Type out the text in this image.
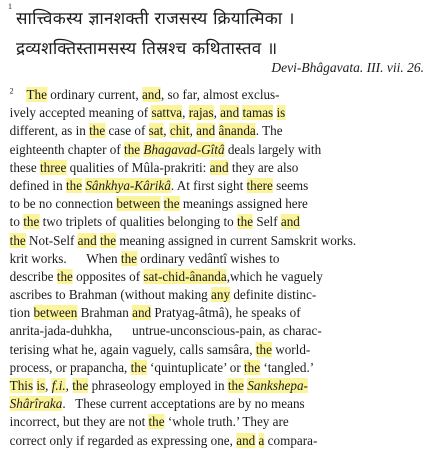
1
सात्त्विकस्य ज्ञानशक्ती राजसस्य क्रियात्मिका ।
द्रव्यशक्तिस्तामसस्य तिस्रश्च कथितास्तव ॥
Devi-Bhâgavata. III. vii. 26.
$^2$ The ordinary current, and, so far, almost exclus-
ively accepted meaning of sattva, rajas, and tamas is
different, as in the case of sat, chit, and ânanda. The
eighteenth chapter of the Bhagavad-Gîtâ deals largely with
these three qualities of Mûla-prakriti: and they are also
defined in the Sânkhya-Kârikâ. At first sight there seems
to be no connection between the meanings assigned here
to the two triplets of qualities belonging to the Self and
the Not-Self and the meaning assigned in current Samskrit works.
krit works.      When the ordinary vedântî wishes to
describe the opposites of sat-chid-ânanda,which he vaguely
ascribes to Brahman (without making any definite distinc-
tion between Brahman and Pratyag-âtmâ), he speaks of
anrita-jada-duhkha,      untrue-unconscious-pain, as charac-
terising what he, again vaguely, calls samsâra, the world-
process, or prapancha, the ‘quintuplicate’ or the ‘tangled.’
This is, f.i., the phraseology employed in the Sankshepa-
Shârîraka.   These current acceptations are by no means
incorrect, but they are not the ‘whole truth.’ They are
correct only if regarded as expressing one, and a compara-
